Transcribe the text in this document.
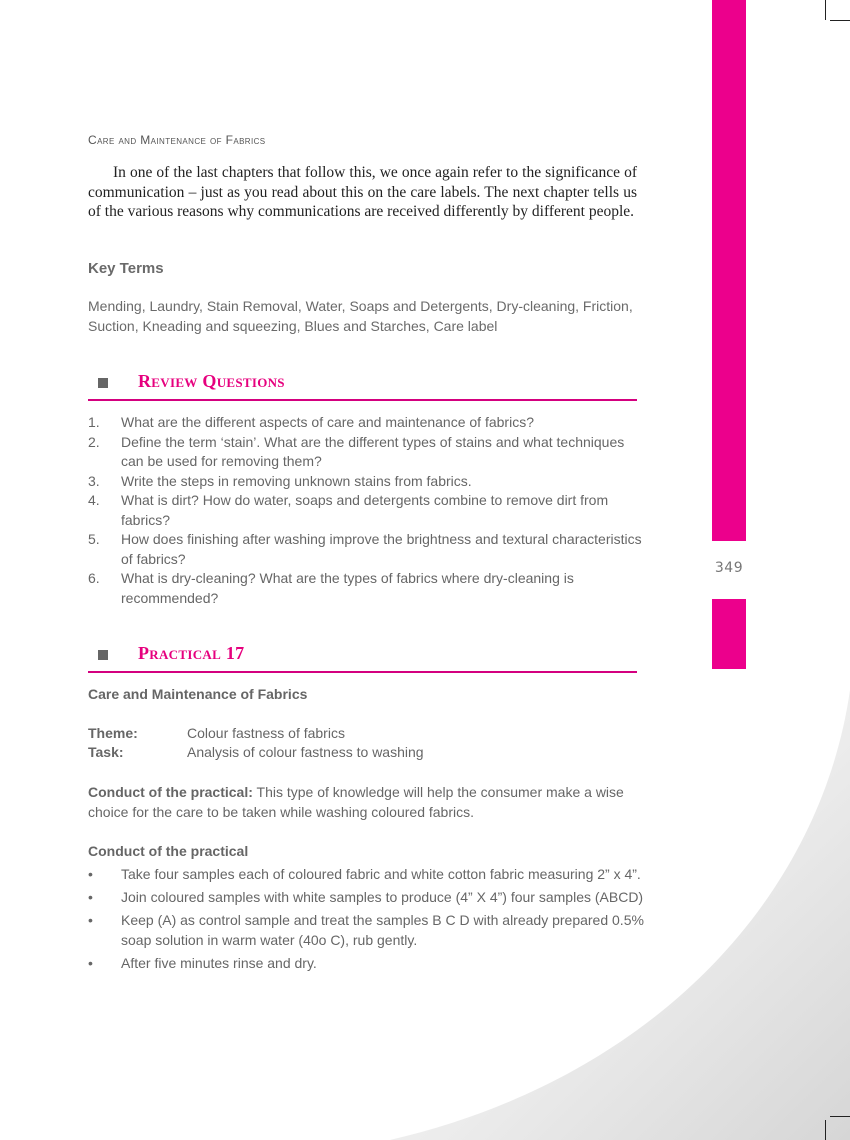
349
Care and Maintenance of Fabrics

In one of the last chapters that follow this, we once again refer to the significance of communication – just as you read about this on the care labels. The next chapter tells us of the various reasons why communications are received differently by different people.

Key Terms

Mending, Laundry, Stain Removal, Water, Soaps and Detergents, Dry-cleaning, Friction, Suction, Kneading and squeezing, Blues and Starches, Care label

Review Questions
1. What are the different aspects of care and maintenance of fabrics?
2. Define the term ‘stain’. What are the different types of stains and what techniques can be used for removing them?
3. Write the steps in removing unknown stains from fabrics.
4. What is dirt? How do water, soaps and detergents combine to remove dirt from fabrics?
5. How does finishing after washing improve the brightness and textural characteristics of fabrics?
6. What is dry-cleaning? What are the types of fabrics where dry-cleaning is recommended?
Practical 17
Care and Maintenance of Fabrics
Theme:	Colour fastness of fabrics
Task:	Analysis of colour fastness to washing

Conduct of the practical: This type of knowledge will help the consumer make a wise choice for the care to be taken while washing coloured fabrics.

Conduct of the practical
• Take four samples each of coloured fabric and white cotton fabric measuring 2” x 4”.
• Join coloured samples with white samples to produce (4” X 4”) four samples (ABCD)
• Keep (A) as control sample and treat the samples B C D with already prepared 0.5% soap solution in warm water (40o C), rub gently.
• After five minutes rinse and dry.
